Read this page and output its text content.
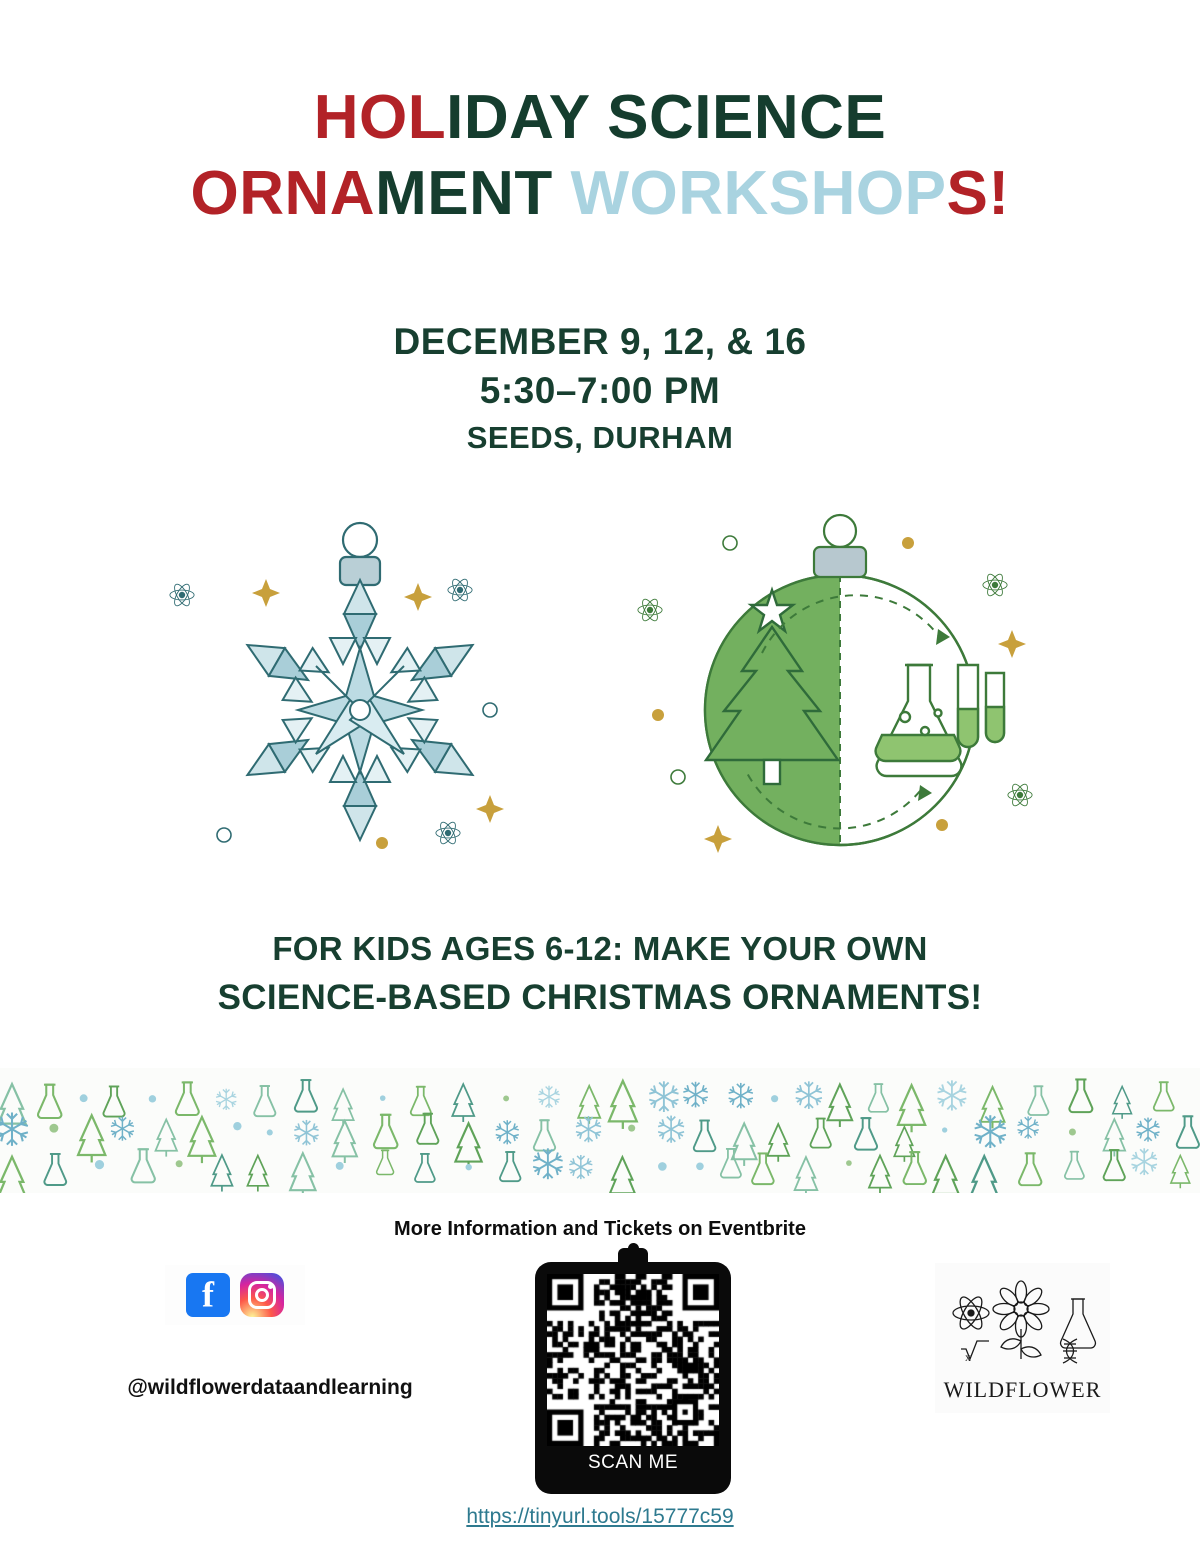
HOLIDAY SCIENCE
ORNAMENT WORKSHOPS!
DECEMBER 9, 12, & 16
5:30–7:00 PM
SEEDS, DURHAM
FOR KIDS AGES 6-12: MAKE YOUR OWN
SCIENCE-BASED CHRISTMAS ORNAMENTS!
More Information and Tickets on Eventbrite
f
@wildflowerdataandlearning
SCAN ME
https://tinyurl.tools/15777c59
x
WILDFLOWER
